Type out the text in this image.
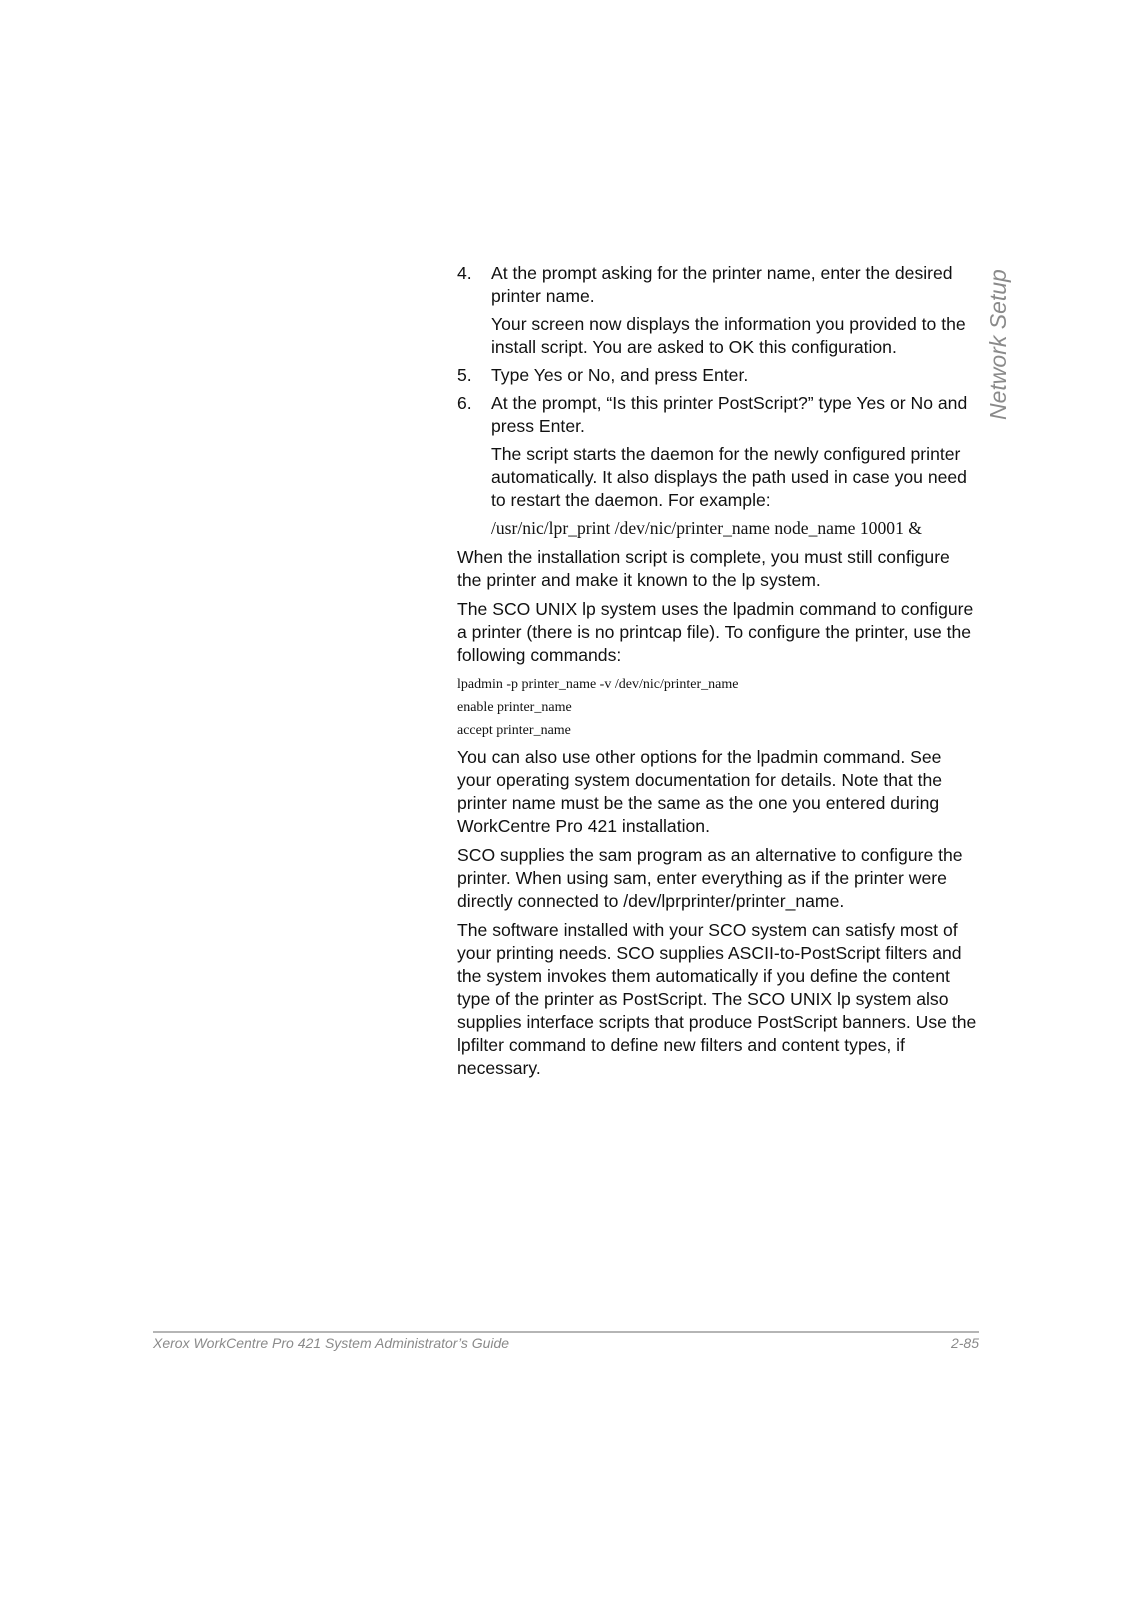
Network Setup
4.	At the prompt asking for the printer name, enter the desired printer name.
Your screen now displays the information you provided to the install script. You are asked to OK this configuration.
5.	Type Yes or No, and press Enter.
6.	At the prompt, “Is this printer PostScript?” type Yes or No and press Enter.
The script starts the daemon for the newly configured printer automatically. It also displays the path used in case you need to restart the daemon. For example:
/usr/nic/lpr_print /dev/nic/printer_name node_name 10001 &

When the installation script is complete, you must still configure the printer and make it known to the lp system.

The SCO UNIX lp system uses the lpadmin command to configure a printer (there is no printcap file). To configure the printer, use the following commands:

lpadmin -p printer_name -v /dev/nic/printer_name
enable printer_name
accept printer_name

You can also use other options for the lpadmin command. See your operating system documentation for details. Note that the printer name must be the same as the one you entered during WorkCentre Pro 421 installation.

SCO supplies the sam program as an alternative to configure the printer. When using sam, enter everything as if the printer were directly connected to /dev/lprprinter/printer_name.

The software installed with your SCO system can satisfy most of your printing needs. SCO supplies ASCII-to-PostScript filters and the system invokes them automatically if you define the content type of the printer as PostScript. The SCO UNIX lp system also supplies interface scripts that produce PostScript banners. Use the lpfilter command to define new filters and content types, if necessary.

Xerox WorkCentre Pro 421 System Administrator’s Guide	2-85
